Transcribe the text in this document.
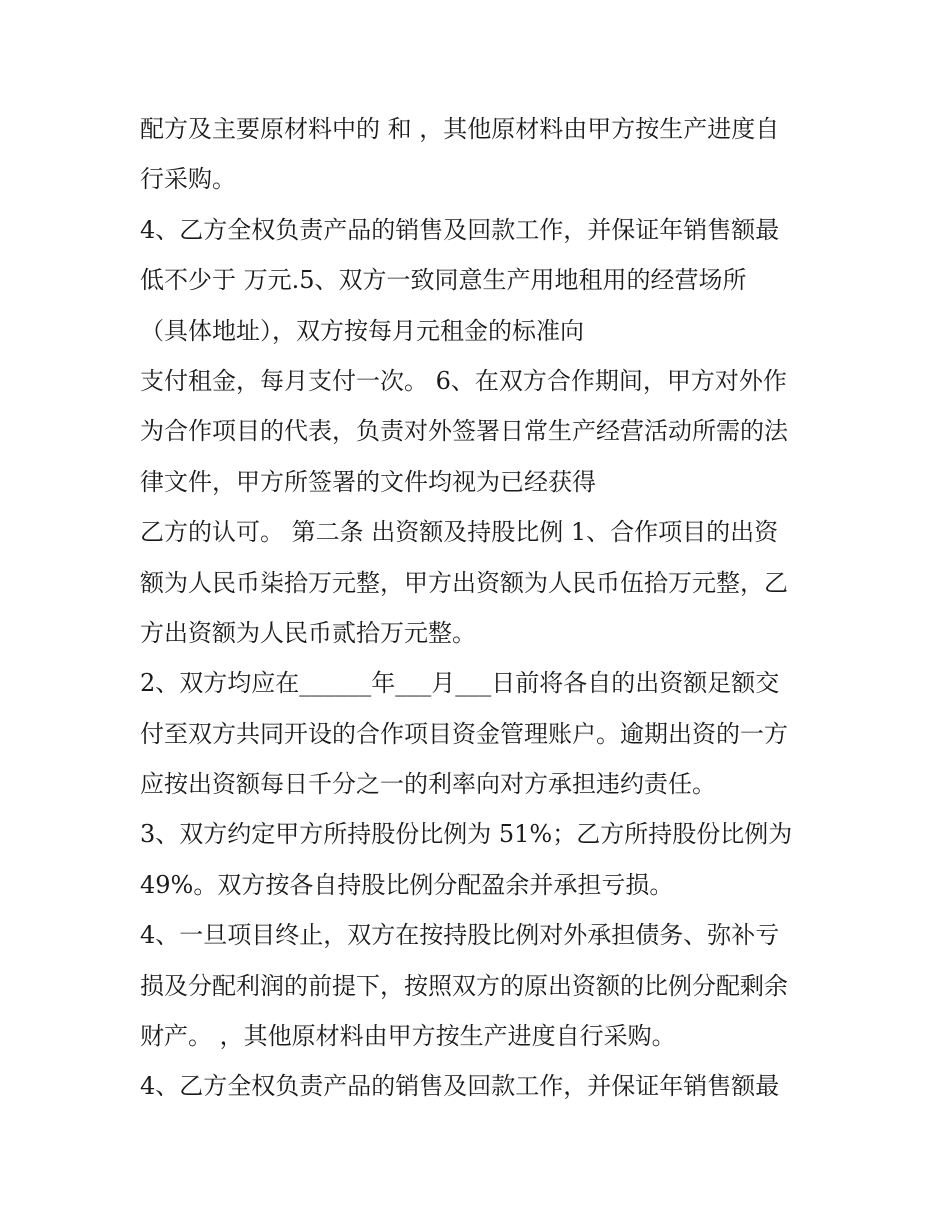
配方及主要原材料中的 和 ，其他原材料由甲方按生产进度自
行采购。
4、乙方全权负责产品的销售及回款工作，并保证年销售额最
低不少于 万元.5、双方一致同意生产用地租用的经营场所
（具体地址），双方按每月元租金的标准向
支付租金，每月支付一次。 6、在双方合作期间，甲方对外作
为合作项目的代表，负责对外签署日常生产经营活动所需的法
律文件，甲方所签署的文件均视为已经获得
乙方的认可。 第二条 出资额及持股比例 1、合作项目的出资
额为人民币柒拾万元整，甲方出资额为人民币伍拾万元整，乙
方出资额为人民币贰拾万元整。
2、双方均应在______年___月___日前将各自的出资额足额交
付至双方共同开设的合作项目资金管理账户。逾期出资的一方
应按出资额每日千分之一的利率向对方承担违约责任。
3、双方约定甲方所持股份比例为 51%；乙方所持股份比例为
49%。双方按各自持股比例分配盈余并承担亏损。
4、一旦项目终止，双方在按持股比例对外承担债务、弥补亏
损及分配利润的前提下，按照双方的原出资额的比例分配剩余
财产。 ，其他原材料由甲方按生产进度自行采购。
4、乙方全权负责产品的销售及回款工作，并保证年销售额最
